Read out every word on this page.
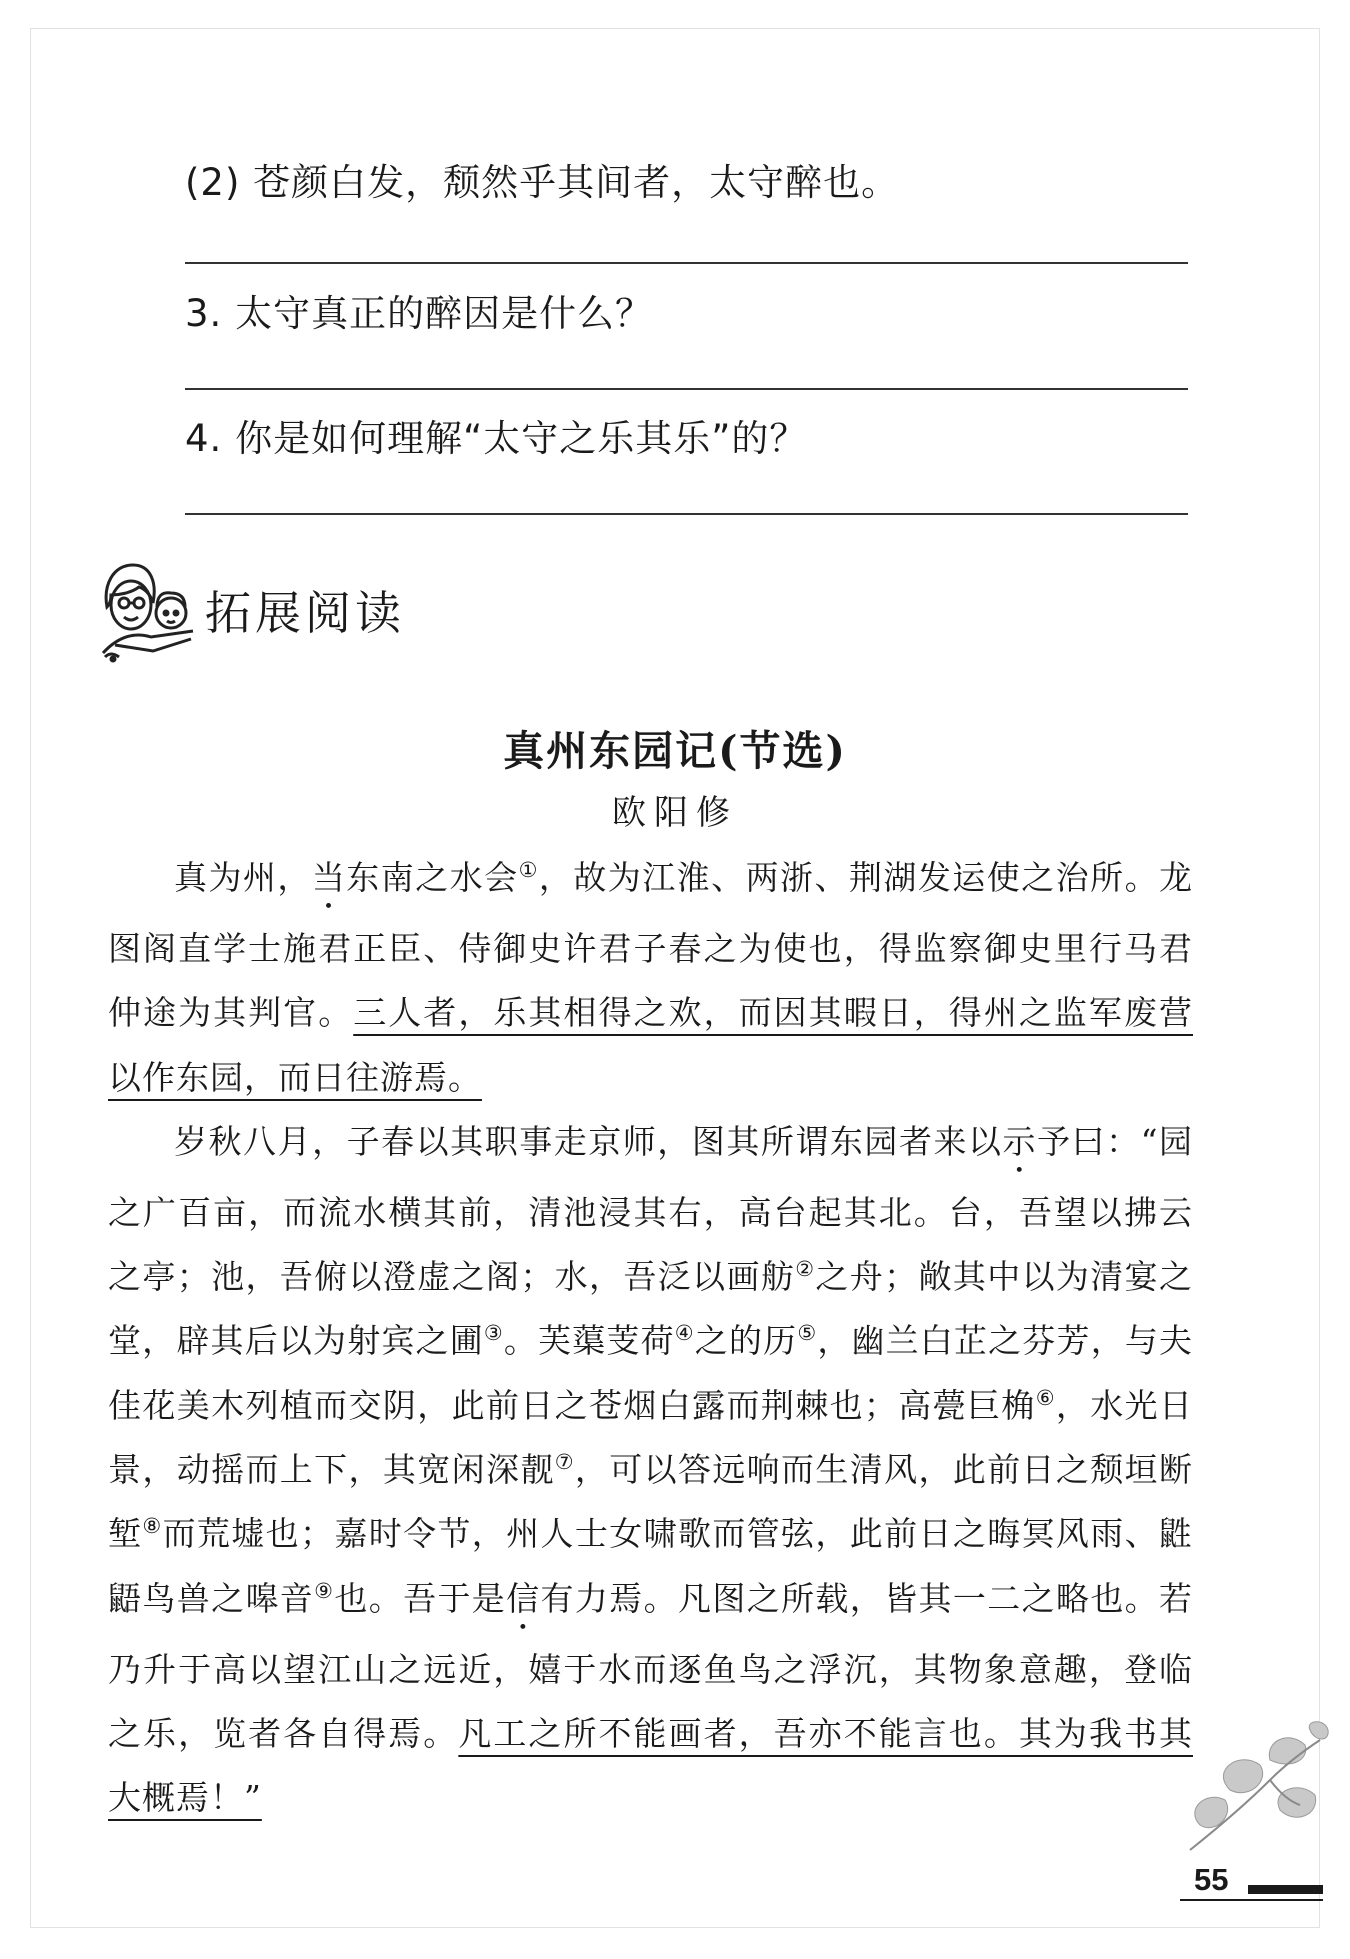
(2) 苍颜白发，颓然乎其间者，太守醉也。
3. 太守真正的醉因是什么？
4. 你是如何理解“太守之乐其乐”的？
拓展阅读
真州东园记(节选)
欧阳修

真为州，当东南之水会①，故为江淮、两浙、荆湖发运使之治所。龙图阁直学士施君正臣、侍御史许君子春之为使也，得监察御史里行马君仲途为其判官。三人者，乐其相得之欢，而因其暇日，得州之监军废营以作东园，而日往游焉。

岁秋八月，子春以其职事走京师，图其所谓东园者来以示予曰：“园之广百亩，而流水横其前，清池浸其右，高台起其北。台，吾望以拂云之亭；池，吾俯以澄虚之阁；水，吾泛以画舫②之舟；敞其中以为清宴之堂，辟其后以为射宾之圃③。芙蕖芰荷④之的历⑤，幽兰白芷之芬芳，与夫佳花美木列植而交阴，此前日之苍烟白露而荆棘也；高甍巨桷⑥，水光日景，动摇而上下，其宽闲深靓⑦，可以答远响而生清风，此前日之颓垣断堑⑧而荒墟也；嘉时令节，州人士女啸歌而管弦，此前日之晦冥风雨、鼪鼯鸟兽之嗥音⑨也。吾于是信有力焉。凡图之所载，皆其一二之略也。若乃升于高以望江山之远近，嬉于水而逐鱼鸟之浮沉，其物象意趣，登临之乐，览者各自得焉。凡工之所不能画者，吾亦不能言也。其为我书其大概焉！”

55
